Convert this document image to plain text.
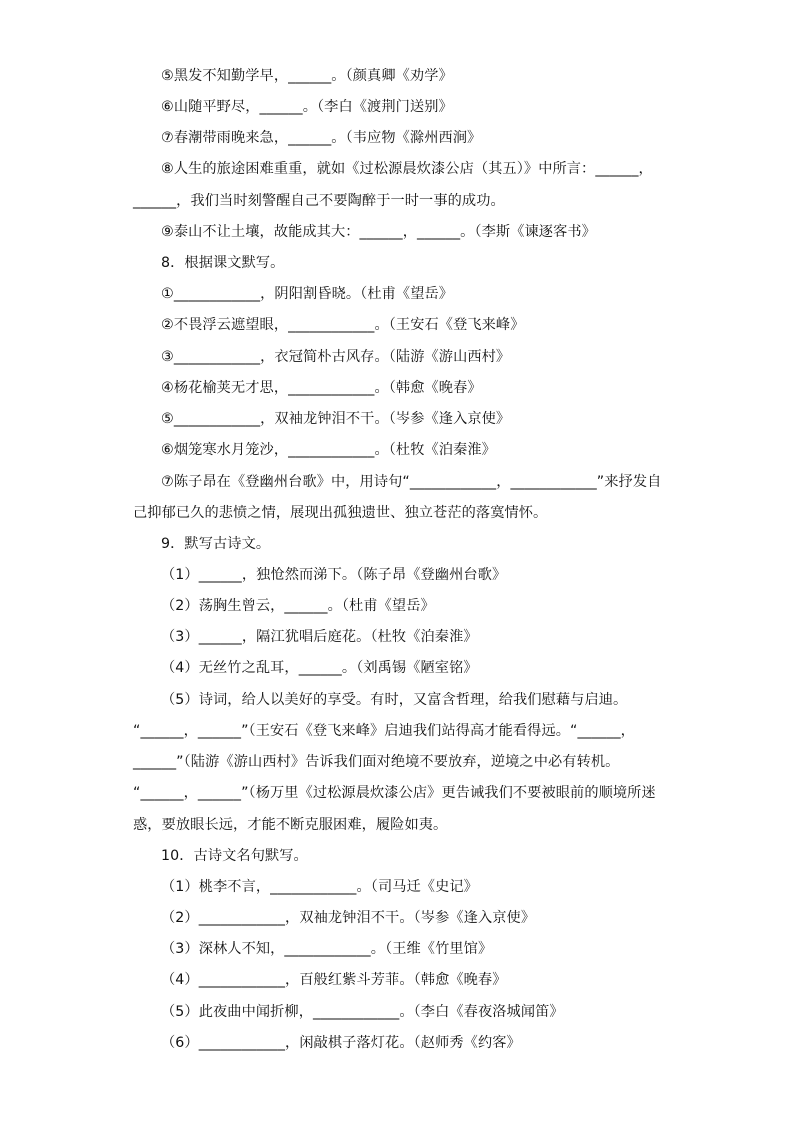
⑤黑发不知勤学早，______。（颜真卿《劝学》
⑥山随平野尽，______。（李白《渡荆门送别》
⑦春潮带雨晚来急，______。（韦应物《滁州西涧》
⑧人生的旅途困难重重，就如《过松源晨炊漆公店（其五）》中所言：______，
______，我们当时刻警醒自己不要陶醉于一时一事的成功。
⑨泰山不让土壤，故能成其大：______，______。（李斯《谏逐客书》
8．根据课文默写。
①____________，阴阳割昏晓。（杜甫《望岳》
②不畏浮云遮望眼，____________。（王安石《登飞来峰》
③____________，衣冠简朴古风存。（陆游《游山西村》
④杨花榆荚无才思，____________。（韩愈《晚春》
⑤____________，双袖龙钟泪不干。（岑参《逢入京使》
⑥烟笼寒水月笼沙，____________。（杜牧《泊秦淮》
⑦陈子昂在《登幽州台歌》中，用诗句“____________，____________”来抒发自
己抑郁已久的悲愤之情，展现出孤独遗世、独立苍茫的落寞情怀。
9．默写古诗文。
（1）______，独怆然而涕下。（陈子昂《登幽州台歌》
（2）荡胸生曾云，______。（杜甫《望岳》
（3）______，隔江犹唱后庭花。（杜牧《泊秦淮》
（4）无丝竹之乱耳，______。（刘禹锡《陋室铭》
（5）诗词，给人以美好的享受。有时，又富含哲理，给我们慰藉与启迪。
“______，______”（王安石《登飞来峰》启迪我们站得高才能看得远。“______，
______”（陆游《游山西村》告诉我们面对绝境不要放弃，逆境之中必有转机。
“______，______”（杨万里《过松源晨炊漆公店》更告诫我们不要被眼前的顺境所迷
惑，要放眼长远，才能不断克服困难，履险如夷。
10．古诗文名句默写。
（1）桃李不言，____________。（司马迁《史记》
（2）____________，双袖龙钟泪不干。（岑参《逢入京使》
（3）深林人不知，____________。（王维《竹里馆》
（4）____________，百般红紫斗芳菲。（韩愈《晚春》
（5）此夜曲中闻折柳，____________。（李白《春夜洛城闻笛》
（6）____________，闲敲棋子落灯花。（赵师秀《约客》
